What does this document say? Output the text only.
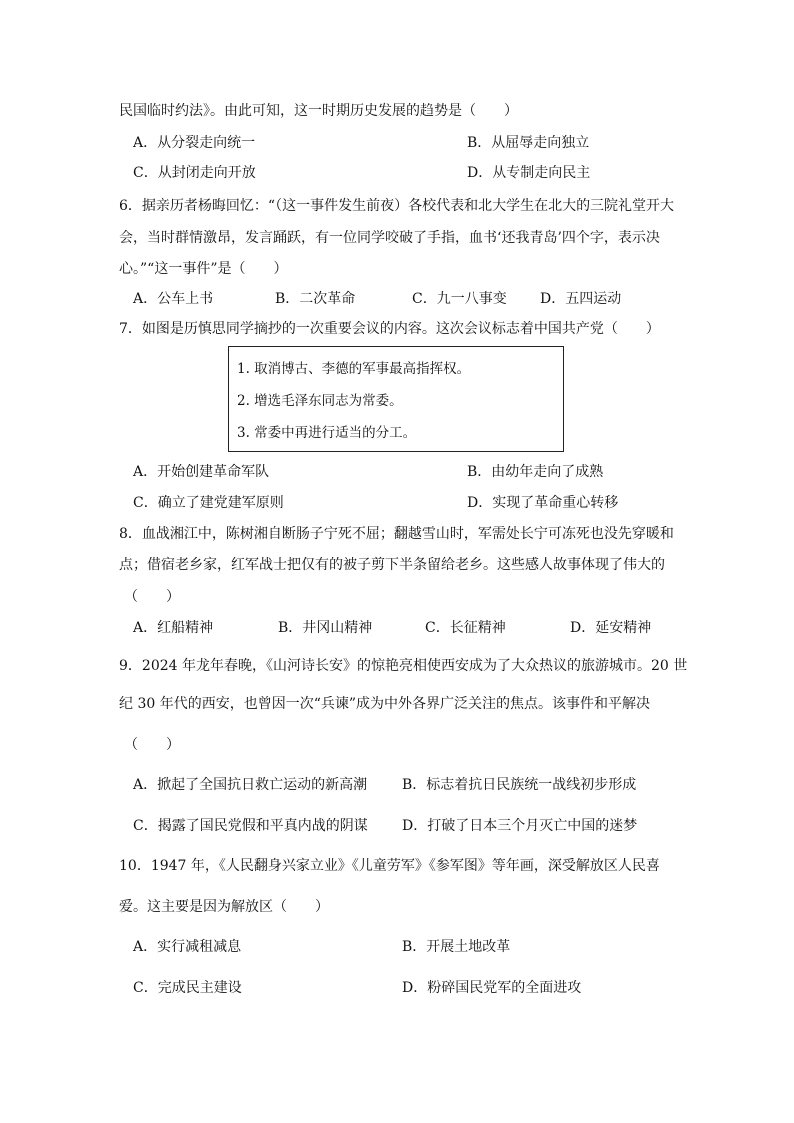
民国临时约法》。由此可知，这一时期历史发展的趋势是（　　）
A．从分裂走向统一	B．从屈辱走向独立
C．从封闭走向开放	D．从专制走向民主
6．据亲历者杨晦回忆：“（这一事件发生前夜）各校代表和北大学生在北大的三院礼堂开大
会，当时群情激昂，发言踊跃，有一位同学咬破了手指，血书‘还我青岛’四个字，表示决
心。”“这一事件”是（　　）
A．公车上书	B．二次革命	C．九一八事变 D．五四运动
7．如图是历慎思同学摘抄的一次重要会议的内容。这次会议标志着中国共产党（　　）
1. 取消博古、李德的军事最高指挥权。
2. 增选毛泽东同志为常委。
3. 常委中再进行适当的分工。
A．开始创建革命军队	B．由幼年走向了成熟
C．确立了建党建军原则	D．实现了革命重心转移
8．血战湘江中，陈树湘自断肠子宁死不屈；翻越雪山时，军需处长宁可冻死也没先穿暖和
点；借宿老乡家，红军战士把仅有的被子剪下半条留给老乡。这些感人故事体现了伟大的
（　　）
A．红船精神	B．井冈山精神	C．长征精神	D．延安精神
9．2024 年龙年春晚，《山河诗长安》的惊艳亮相使西安成为了大众热议的旅游城市。20 世
纪 30 年代的西安，也曾因一次“兵谏”成为中外各界广泛关注的焦点。该事件和平解决
（　　）
A．掀起了全国抗日救亡运动的新高潮 B．标志着抗日民族统一战线初步形成
C．揭露了国民党假和平真内战的阴谋 D．打破了日本三个月灭亡中国的迷梦
10．1947 年，《人民翻身兴家立业》《儿童劳军》《参军图》等年画，深受解放区人民喜
爱。这主要是因为解放区（　　）
A．实行减租减息	B．开展土地改革
C．完成民主建设	D．粉碎国民党军的全面进攻
